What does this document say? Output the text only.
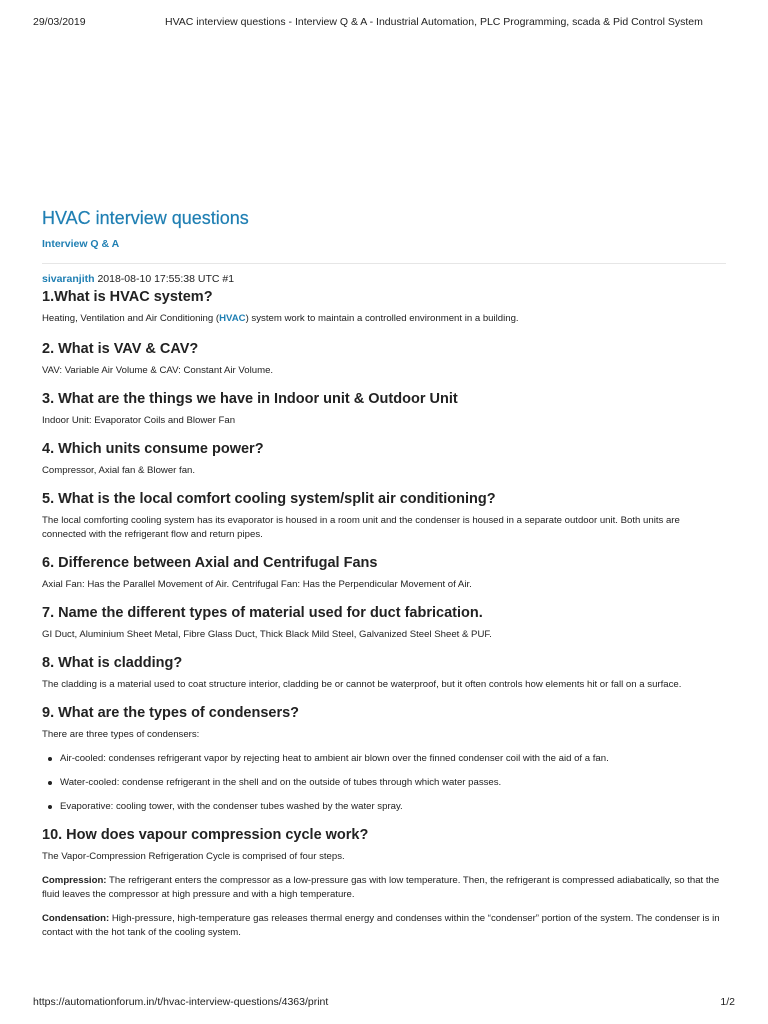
29/03/2019	HVAC interview questions - Interview Q & A - Industrial Automation, PLC Programming, scada & Pid Control System
HVAC interview questions
Interview Q & A
sivaranjith 2018-08-10 17:55:38 UTC #1
1.What is HVAC system?

Heating, Ventilation and Air Conditioning (HVAC) system work to maintain a controlled environment in a building.

2. What is VAV & CAV?

VAV: Variable Air Volume & CAV: Constant Air Volume.

3. What are the things we have in Indoor unit & Outdoor Unit

Indoor Unit: Evaporator Coils and Blower Fan

4. Which units consume power?

Compressor, Axial fan & Blower fan.

5. What is the local comfort cooling system/split air conditioning?

The local comforting cooling system has its evaporator is housed in a room unit and the condenser is housed in a separate outdoor unit. Both units are connected with the refrigerant flow and return pipes.

6. Difference between Axial and Centrifugal Fans

Axial Fan: Has the Parallel Movement of Air. Centrifugal Fan: Has the Perpendicular Movement of Air.

7. Name the different types of material used for duct fabrication.

GI Duct, Aluminium Sheet Metal, Fibre Glass Duct, Thick Black Mild Steel, Galvanized Steel Sheet & PUF.

8. What is cladding?

The cladding is a material used to coat structure interior, cladding be or cannot be waterproof, but it often controls how elements hit or fall on a surface.

9. What are the types of condensers?

There are three types of condensers:

Air-cooled: condenses refrigerant vapor by rejecting heat to ambient air blown over the finned condenser coil with the aid of a fan.
Water-cooled: condense refrigerant in the shell and on the outside of tubes through which water passes.
Evaporative: cooling tower, with the condenser tubes washed by the water spray.
10. How does vapour compression cycle work?

The Vapor-Compression Refrigeration Cycle is comprised of four steps.

Compression: The refrigerant enters the compressor as a low-pressure gas with low temperature. Then, the refrigerant is compressed adiabatically, so that the fluid leaves the compressor at high pressure and with a high temperature.

Condensation: High-pressure, high-temperature gas releases thermal energy and condenses within the “condenser” portion of the system. The condenser is in contact with the hot tank of the cooling system.

https://automationforum.in/t/hvac-interview-questions/4363/print	1/2
